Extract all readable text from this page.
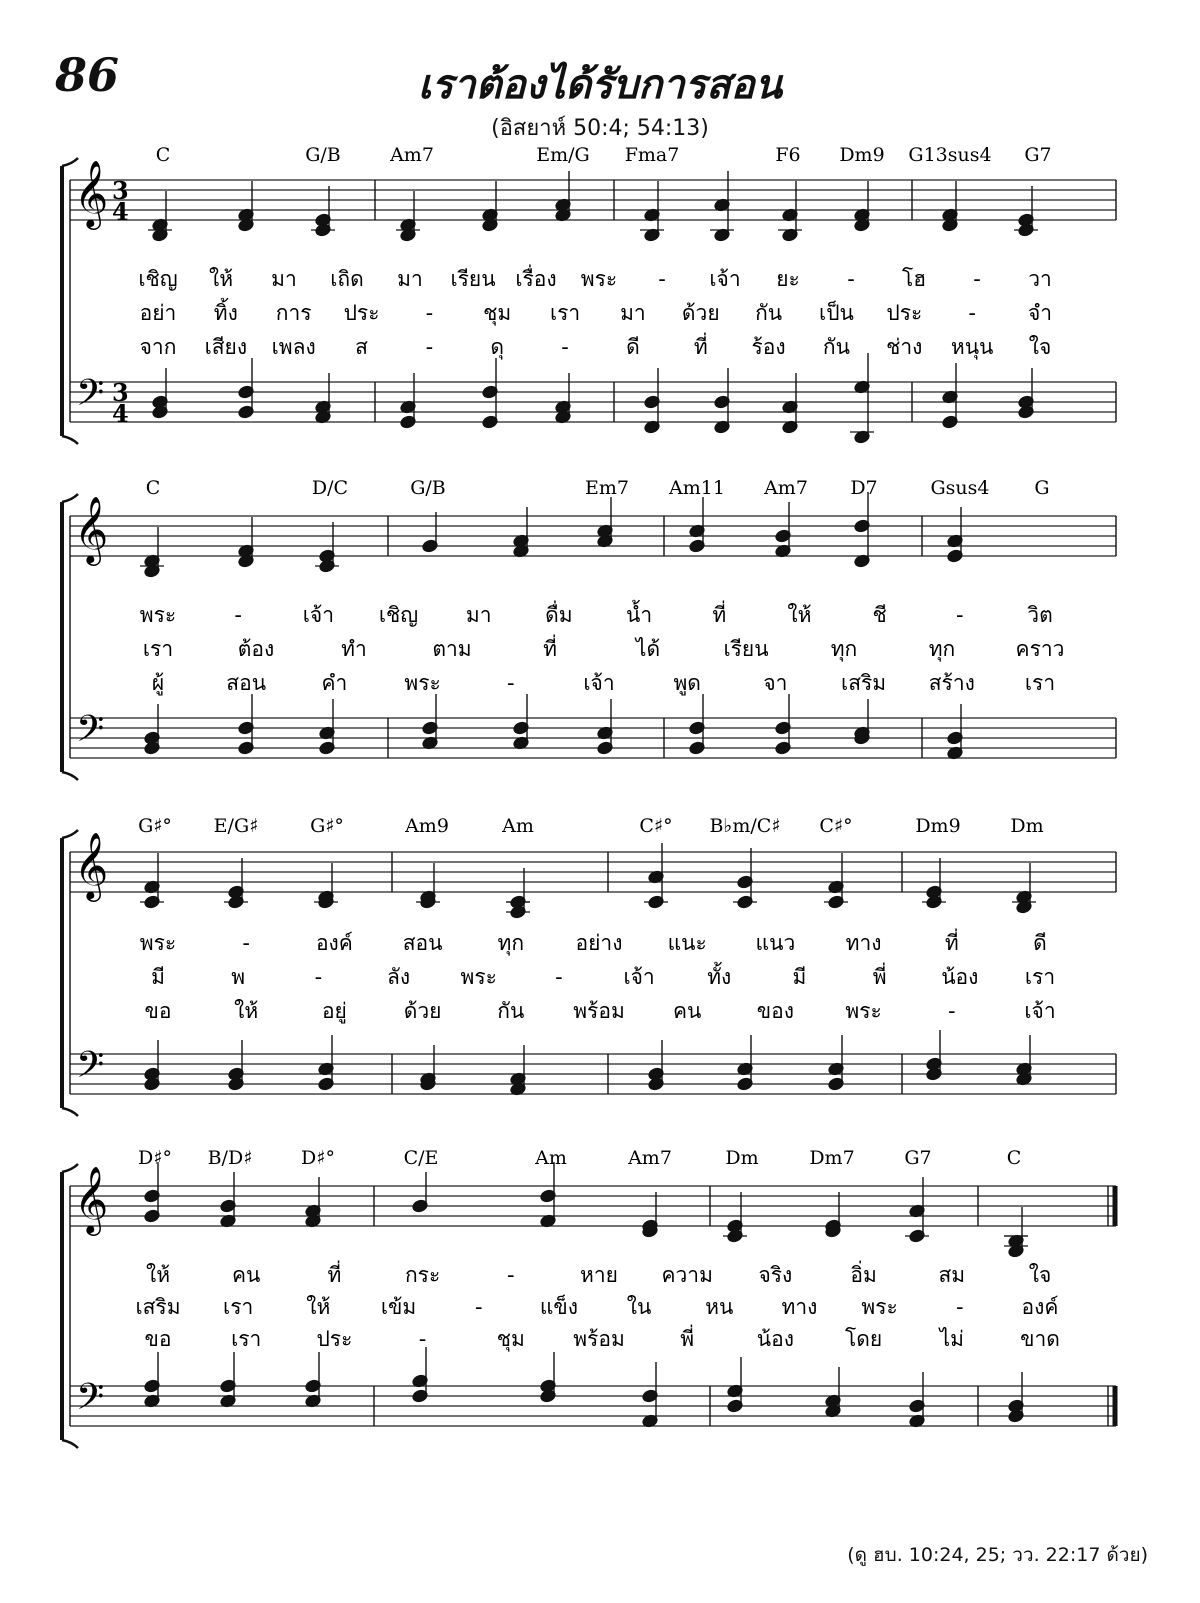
86	เราต้องได้รับการสอน
(อิสยาห์ 50:4; 54:13)
C	G/B	Am7	Em/G Fma7	F6 Dm9 G13sus4 G7
𝄞
𝄢
3
4
3
4
เชิญ ให้ มา เถิด มา เรียน เรื่อง พระ - เจ้า ยะ - โฮ - วา
อย่า ทิ้ง การ ประ - ชุม เรา มา ด้วย กัน เป็น ประ - จำ
จาก เสียง เพลง ส	-	ดุ	-	ดี	ที่ ร้อง กัน ช่าง หนุน ใจ
C	D/C	G/B	Em7 Am11 Am7 D7	Gsus4 G
𝄞
𝄢
พระ	-	เจ้า เชิญ มา	ดื่ม	น้ำ	ที่	ให้	ชี	-	วิต
เรา	ต้อง	ทำ	ตาม	ที่	ได้	เรียน	ทุก	ทุก	คราว
ผู้	สอน	คำ	พระ	-	เจ้า	พูด	จา	เสริม สร้าง เรา
G♯° E/G♯	G♯°	Am9	Am	C♯° B♭m/C♯ C♯°	Dm9	Dm
𝄞
𝄢
พระ	-	องค์ สอน	ทุก อย่าง แนะ แนว ทาง	ที่	ดี
มี	พ	-	ลัง พระ	-	เจ้า ทั้ง	มี	พี่	น้อง เรา
ขอ	ให้	อยู่	ด้วย	กัน พร้อม คน	ของ พระ	-	เจ้า
D♯° B/D♯	D♯°	C/E	Am	Am7	Dm	Dm7	G7	C
𝄞
𝄢
ให้	คน	ที่	กระ	-	หาย ความ จริง	อิ่ม	สม	ใจ
เสริม เรา	ให้ เข้ม	-	แข็ง ใน	หน ทาง พระ	-	องค์
ขอ	เรา	ประ	-	ชุม พร้อม	พี่	น้อง โดย	ไม่	ขาด
(ดู ฮบ. 10:24, 25; วว. 22:17 ด้วย)
